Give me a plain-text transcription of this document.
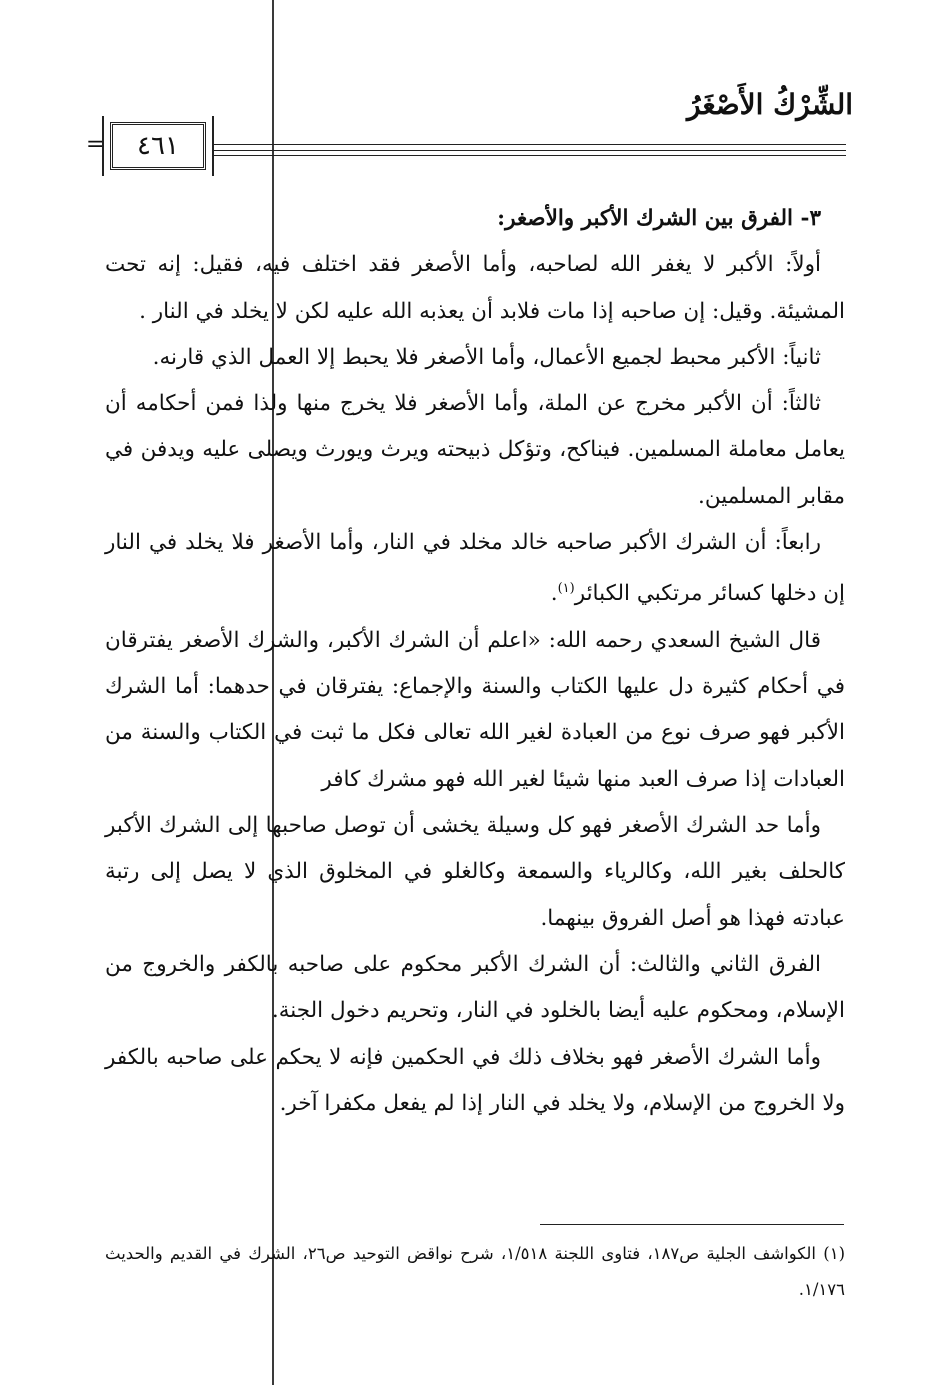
الشِّرْكُ الأَصْغَرُ
٤٦١
=

٣- الفرق بين الشرك الأكبر والأصغر:

أولاً: الأكبر لا يغفر الله لصاحبه، وأما الأصغر فقد اختلف فيه، فقيل: إنه تحت المشيئة. وقيل: إن صاحبه إذا مات فلابد أن يعذبه الله عليه لكن لا يخلد في النار .

ثانياً: الأكبر محبط لجميع الأعمال، وأما الأصغر فلا يحبط إلا العمل الذي قارنه.

ثالثاً: أن الأكبر مخرج عن الملة، وأما الأصغر فلا يخرج منها ولذا فمن أحكامه أن يعامل معاملة المسلمين. فيناكح، وتؤكل ذبيحته ويرث ويورث ويصلى عليه ويدفن في مقابر المسلمين.

رابعاً: أن الشرك الأكبر صاحبه خالد مخلد في النار، وأما الأصغر فلا يخلد في النار إن دخلها كسائر مرتكبي الكبائر$^{(١)}$.

قال الشيخ السعدي رحمه الله: «اعلم أن الشرك الأكبر، والشرك الأصغر يفترقان في أحكام كثيرة دل عليها الكتاب والسنة والإجماع: يفترقان في حدهما: أما الشرك الأكبر فهو صرف نوع من العبادة لغير الله تعالى فكل ما ثبت في الكتاب والسنة من العبادات إذا صرف العبد منها شيئا لغير الله فهو مشرك كافر

وأما حد الشرك الأصغر فهو كل وسيلة يخشى أن توصل صاحبها إلى الشرك الأكبر كالحلف بغير الله، وكالرياء والسمعة وكالغلو في المخلوق الذي لا يصل إلى رتبة عبادته فهذا هو أصل الفروق بينهما.

الفرق الثاني والثالث: أن الشرك الأكبر محكوم على صاحبه بالكفر والخروج من الإسلام، ومحكوم عليه أيضا بالخلود في النار، وتحريم دخول الجنة.

وأما الشرك الأصغر فهو بخلاف ذلك في الحكمين فإنه لا يحكم على صاحبه بالكفر ولا الخروج من الإسلام، ولا يخلد في النار إذا لم يفعل مكفرا آخر.

(١) الكواشف الجلية ص١٨٧، فتاوى اللجنة ١/٥١٨، شرح نواقض التوحيد ص٢٦، الشرك في القديم والحديث ١/١٧٦.
